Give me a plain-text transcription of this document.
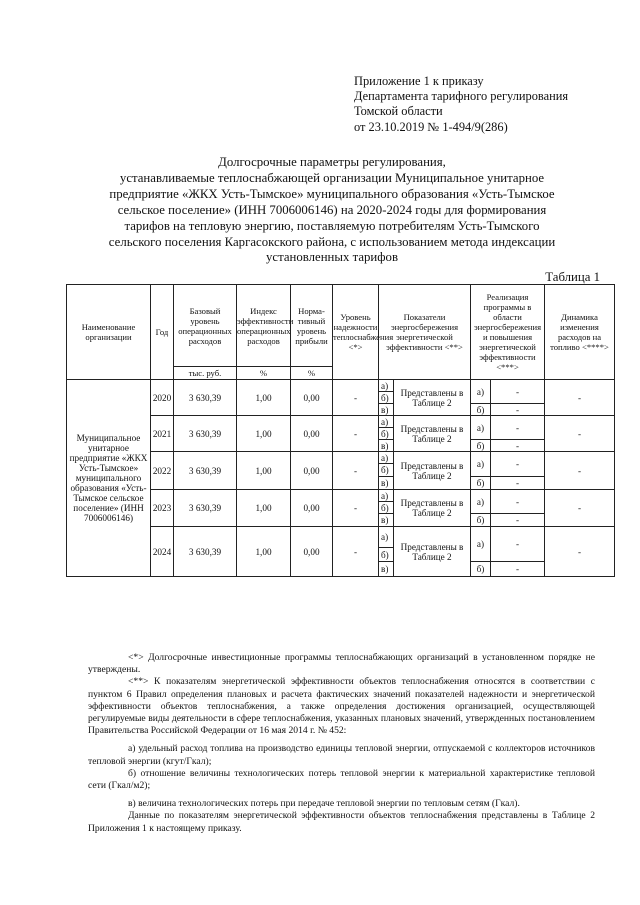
Приложение 1 к приказу
Департамента тарифного регулирования
Томской области
от 23.10.2019 № 1-494/9(286)
Долгосрочные параметры регулирования,
устанавливаемые теплоснабжающей организации Муниципальное унитарное
предприятие «ЖКХ Усть-Тымское» муниципального образования «Усть-Тымское
сельское поселение» (ИНН 7006006146) на 2020-2024 годы для формирования
тарифов на тепловую энергию, поставляемую потребителям Усть-Тымского
сельского поселения Каргасокского района, с использованием метода индексации
установленных тарифов
Таблица 1
Наименование организации	Год	Базовый уровень операционных расходов	Индекс эффективности операционных расходов	Норма-тивный уровень прибыли	Уровень надежности теплоснабжения <*>	Показатели энергосбережения энергетической эффективности <**>		Реализация программы в области энергосбережения и повышения энергетической эффективности <***>		Динамика изменения расходов на топливо <****>
		тыс. руб.	%	%						
Муниципальное унитарное предприятие «ЖКХ Усть-Тымское» муниципального образования «Усть-Тымское сельское поселение» (ИНН 7006006146)	2020	3 630,39	1,00	0,00	-	а)	Представлены в Таблице 2	а)	-	-
						б)				
						в)		б)	-	
	2021	3 630,39	1,00	0,00	-	а)	Представлены в Таблице 2	а)	-	-
						б)				
						в)		б)	-	
	2022	3 630,39	1,00	0,00	-	а)	Представлены в Таблице 2	а)	-	-
						б)				
						в)		б)	-	
	2023	3 630,39	1,00	0,00	-	а)	Представлены в Таблице 2	а)	-	-
						б)				
						в)		б)	-	
	2024	3 630,39	1,00	0,00	-	а)	Представлены в Таблице 2	а)	-	-
						б)				
						в)		б)	-	

<*> Долгосрочные инвестиционные программы теплоснабжающих организаций в установленном порядке не утверждены.

<**> К показателям энергетической эффективности объектов теплоснабжения относятся в соответствии с пунктом 6 Правил определения плановых и расчета фактических значений показателей надежности и энергетической эффективности объектов теплоснабжения, а также определения достижения организацией, осуществляющей регулируемые виды деятельности в сфере теплоснабжения, указанных плановых значений, утвержденных постановлением Правительства Российской Федерации от 16 мая 2014 г. № 452:

а) удельный расход топлива на производство единицы тепловой энергии, отпускаемой с коллекторов источников тепловой энергии (кгут/Гкал);

б) отношение величины технологических потерь тепловой энергии к материальной характеристике тепловой сети (Гкал/м2);

в) величина технологических потерь при передаче тепловой энергии по тепловым сетям (Гкал).

Данные по показателям энергетической эффективности объектов теплоснабжения представлены в Таблице 2 Приложения 1 к настоящему приказу.
